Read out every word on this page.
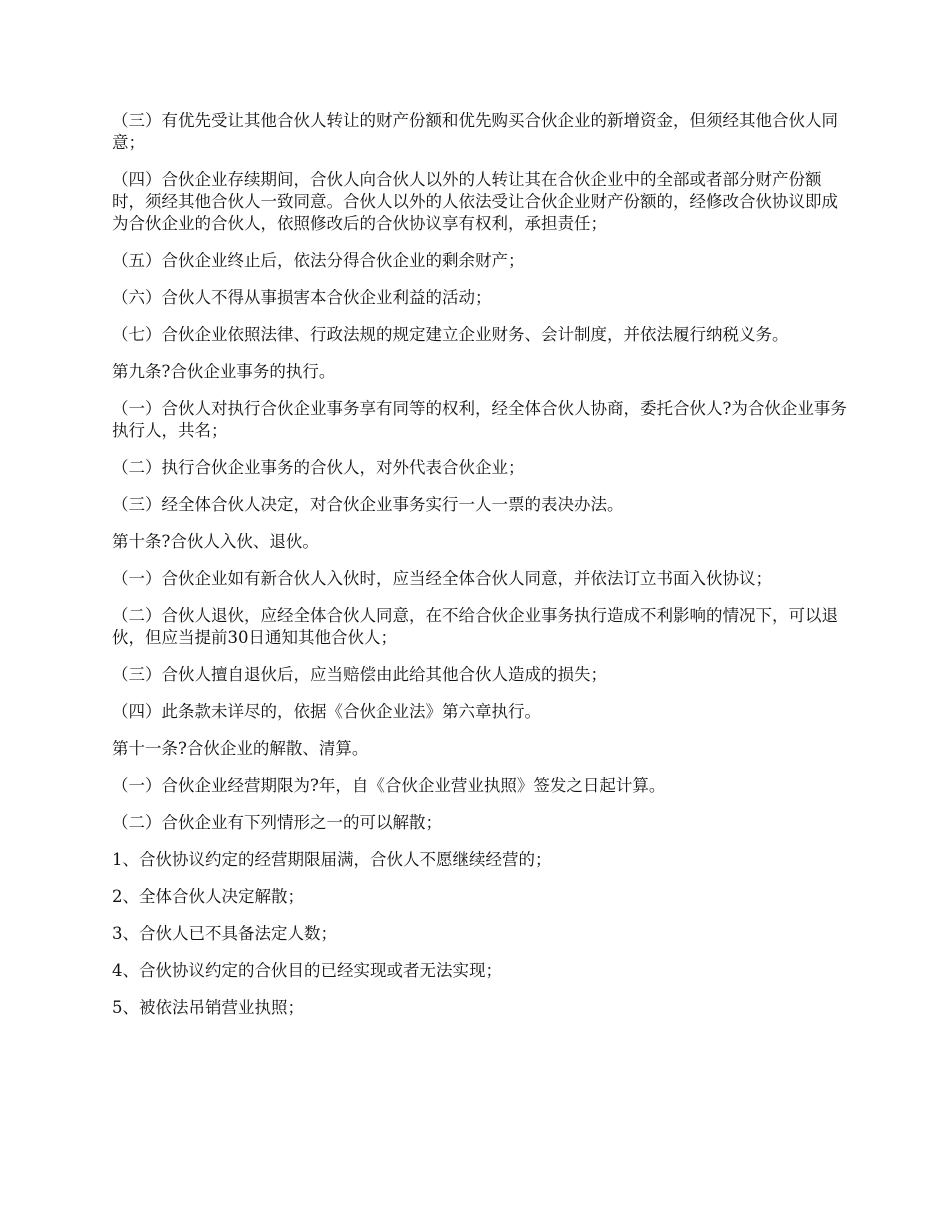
（三）有优先受让其他合伙人转让的财产份额和优先购买合伙企业的新增资金，但须经其他合伙人同意；

（四）合伙企业存续期间，合伙人向合伙人以外的人转让其在合伙企业中的全部或者部分财产份额时，须经其他合伙人一致同意。合伙人以外的人依法受让合伙企业财产份额的，经修改合伙协议即成为合伙企业的合伙人，依照修改后的合伙协议享有权利，承担责任；

（五）合伙企业终止后，依法分得合伙企业的剩余财产；

（六）合伙人不得从事损害本合伙企业利益的活动；

（七）合伙企业依照法律、行政法规的规定建立企业财务、会计制度，并依法履行纳税义务。

第九条?合伙企业事务的执行。

（一）合伙人对执行合伙企业事务享有同等的权利，经全体合伙人协商，委托合伙人?为合伙企业事务执行人，共名；

（二）执行合伙企业事务的合伙人，对外代表合伙企业；

（三）经全体合伙人决定，对合伙企业事务实行一人一票的表决办法。

第十条?合伙人入伙、退伙。

（一）合伙企业如有新合伙人入伙时，应当经全体合伙人同意，并依法订立书面入伙协议；

（二）合伙人退伙，应经全体合伙人同意，在不给合伙企业事务执行造成不利影响的情况下，可以退伙，但应当提前30日通知其他合伙人；

（三）合伙人擅自退伙后，应当赔偿由此给其他合伙人造成的损失；

（四）此条款未详尽的，依据《合伙企业法》第六章执行。

第十一条?合伙企业的解散、清算。

（一）合伙企业经营期限为?年，自《合伙企业营业执照》签发之日起计算。

（二）合伙企业有下列情形之一的可以解散；

1、合伙协议约定的经营期限届满，合伙人不愿继续经营的；

2、全体合伙人决定解散；

3、合伙人已不具备法定人数；

4、合伙协议约定的合伙目的已经实现或者无法实现；

5、被依法吊销营业执照；
